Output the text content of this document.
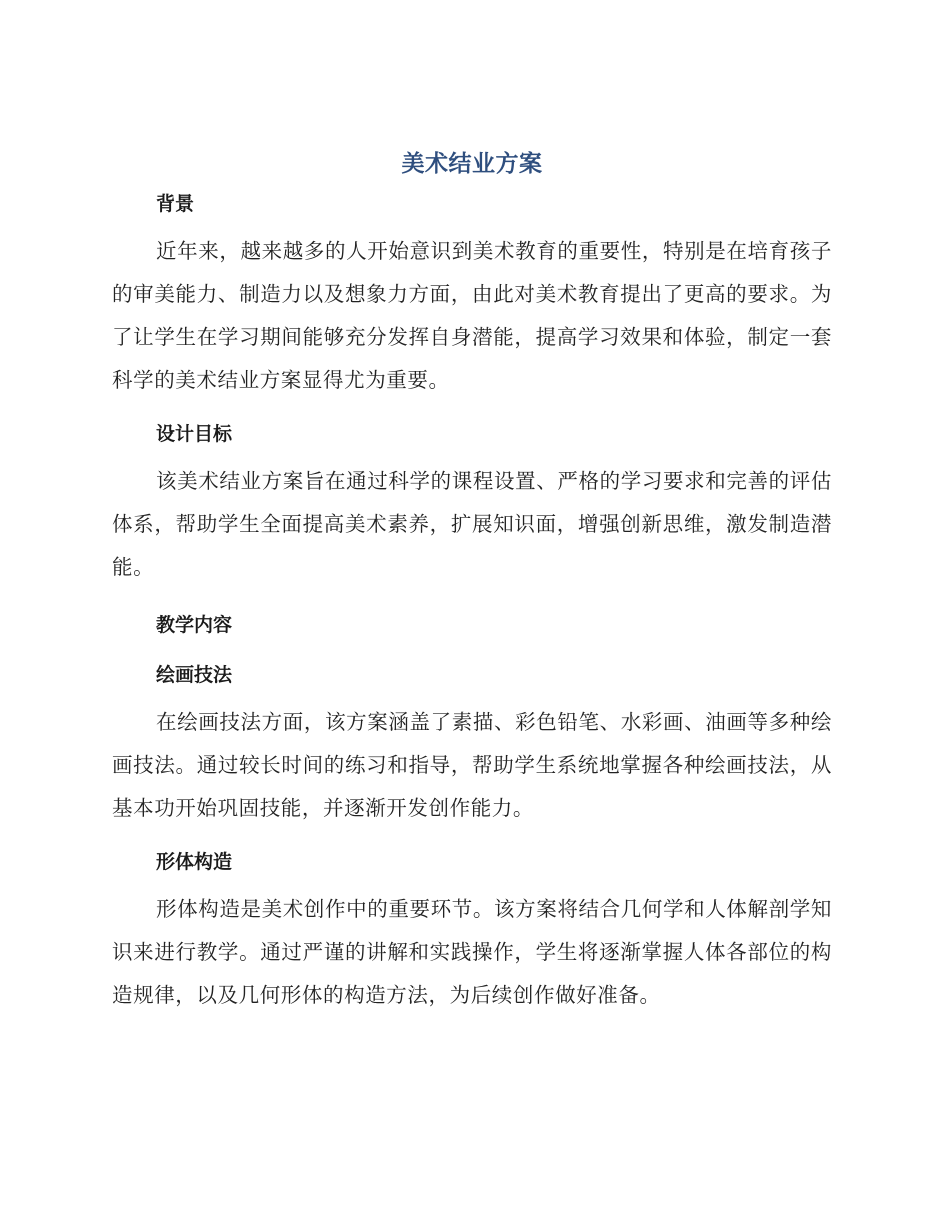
美术结业方案
背景

近年来，越来越多的人开始意识到美术教育的重要性，特别是在培育孩子的审美能力、制造力以及想象力方面，由此对美术教育提出了更高的要求。为了让学生在学习期间能够充分发挥自身潜能，提高学习效果和体验，制定一套科学的美术结业方案显得尤为重要。

设计目标

该美术结业方案旨在通过科学的课程设置、严格的学习要求和完善的评估体系，帮助学生全面提高美术素养，扩展知识面，增强创新思维，激发制造潜能。

教学内容
绘画技法

在绘画技法方面，该方案涵盖了素描、彩色铅笔、水彩画、油画等多种绘画技法。通过较长时间的练习和指导，帮助学生系统地掌握各种绘画技法，从基本功开始巩固技能，并逐渐开发创作能力。

形体构造

形体构造是美术创作中的重要环节。该方案将结合几何学和人体解剖学知识来进行教学。通过严谨的讲解和实践操作，学生将逐渐掌握人体各部位的构造规律，以及几何形体的构造方法，为后续创作做好准备。
